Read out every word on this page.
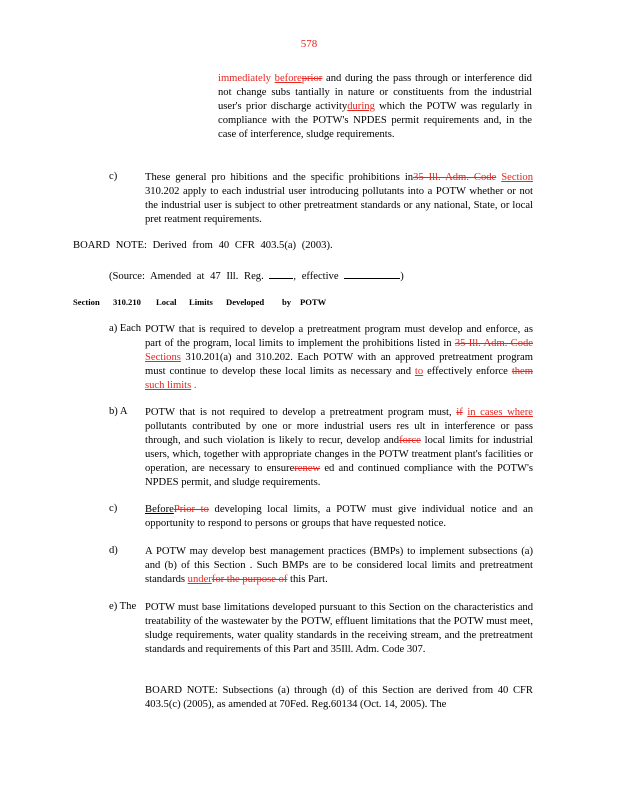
578

immediately beforeprior and during the pass through or interference did not change subs tantially in nature or constituents from the industrial user's prior discharge activityduring which the POTW was regularly in compliance with the POTW's NPDES permit requirements and, in the case of interference, sludge requirements.

c)	These general pro hibitions and the specific prohibitions in35 Ill. Adm. Code Section 310.202 apply to each industrial user introducing pollutants into a POTW whether or not the industrial user is subject to other pretreatment standards or any national, State, or local pret reatment requirements.

BOARD NOTE: Derived from 40 CFR 403.5(a) (2003).
(Source: Amended at 47 Ill. Reg.	, effective	)
Section 310.210 Local Limits Developed by POTW
a) Each POTW that is required to develop a pretreatment program must develop and enforce, as part of the program, local limits to implement the prohibitions listed in 35 Ill. Adm. Code Sections 310.201(a) and 310.202. Each POTW with an approved pretreatment program must continue to develop these local limits as necessary and to effectively enforce them such limits .

b) A POTW that is not required to develop a pretreatment program must, if in cases where pollutants contributed by one or more industrial users res ult in interference or pass through, and such violation is likely to recur, develop andforce local limits for industrial users, which, together with appropriate changes in the POTW treatment plant's facilities or operation, are necessary to ensurerenew ed and continued compliance with the POTW's NPDES permit, and sludge requirements.

c)	BeforePrior to developing local limits, a POTW must give individual notice and an opportunity to respond to persons or groups that have requested notice.

d)	A POTW may develop best management practices (BMPs) to implement subsections (a) and (b) of this Section . Such BMPs are to be considered local limits and pretreatment standards underfor the purpose of this Part.

e) The POTW must base limitations developed pursuant to this Section on the characteristics and treatability of the wastewater by the POTW, effluent limitations that the POTW must meet, sludge requirements, water quality standards in the receiving stream, and the pretreatment standards and requirements of this Part and 35Ill. Adm. Code 307.

BOARD NOTE: Subsections (a) through (d) of this Section are derived from 40 CFR 403.5(c) (2005), as amended at 70Fed. Reg.60134 (Oct. 14, 2005). The
